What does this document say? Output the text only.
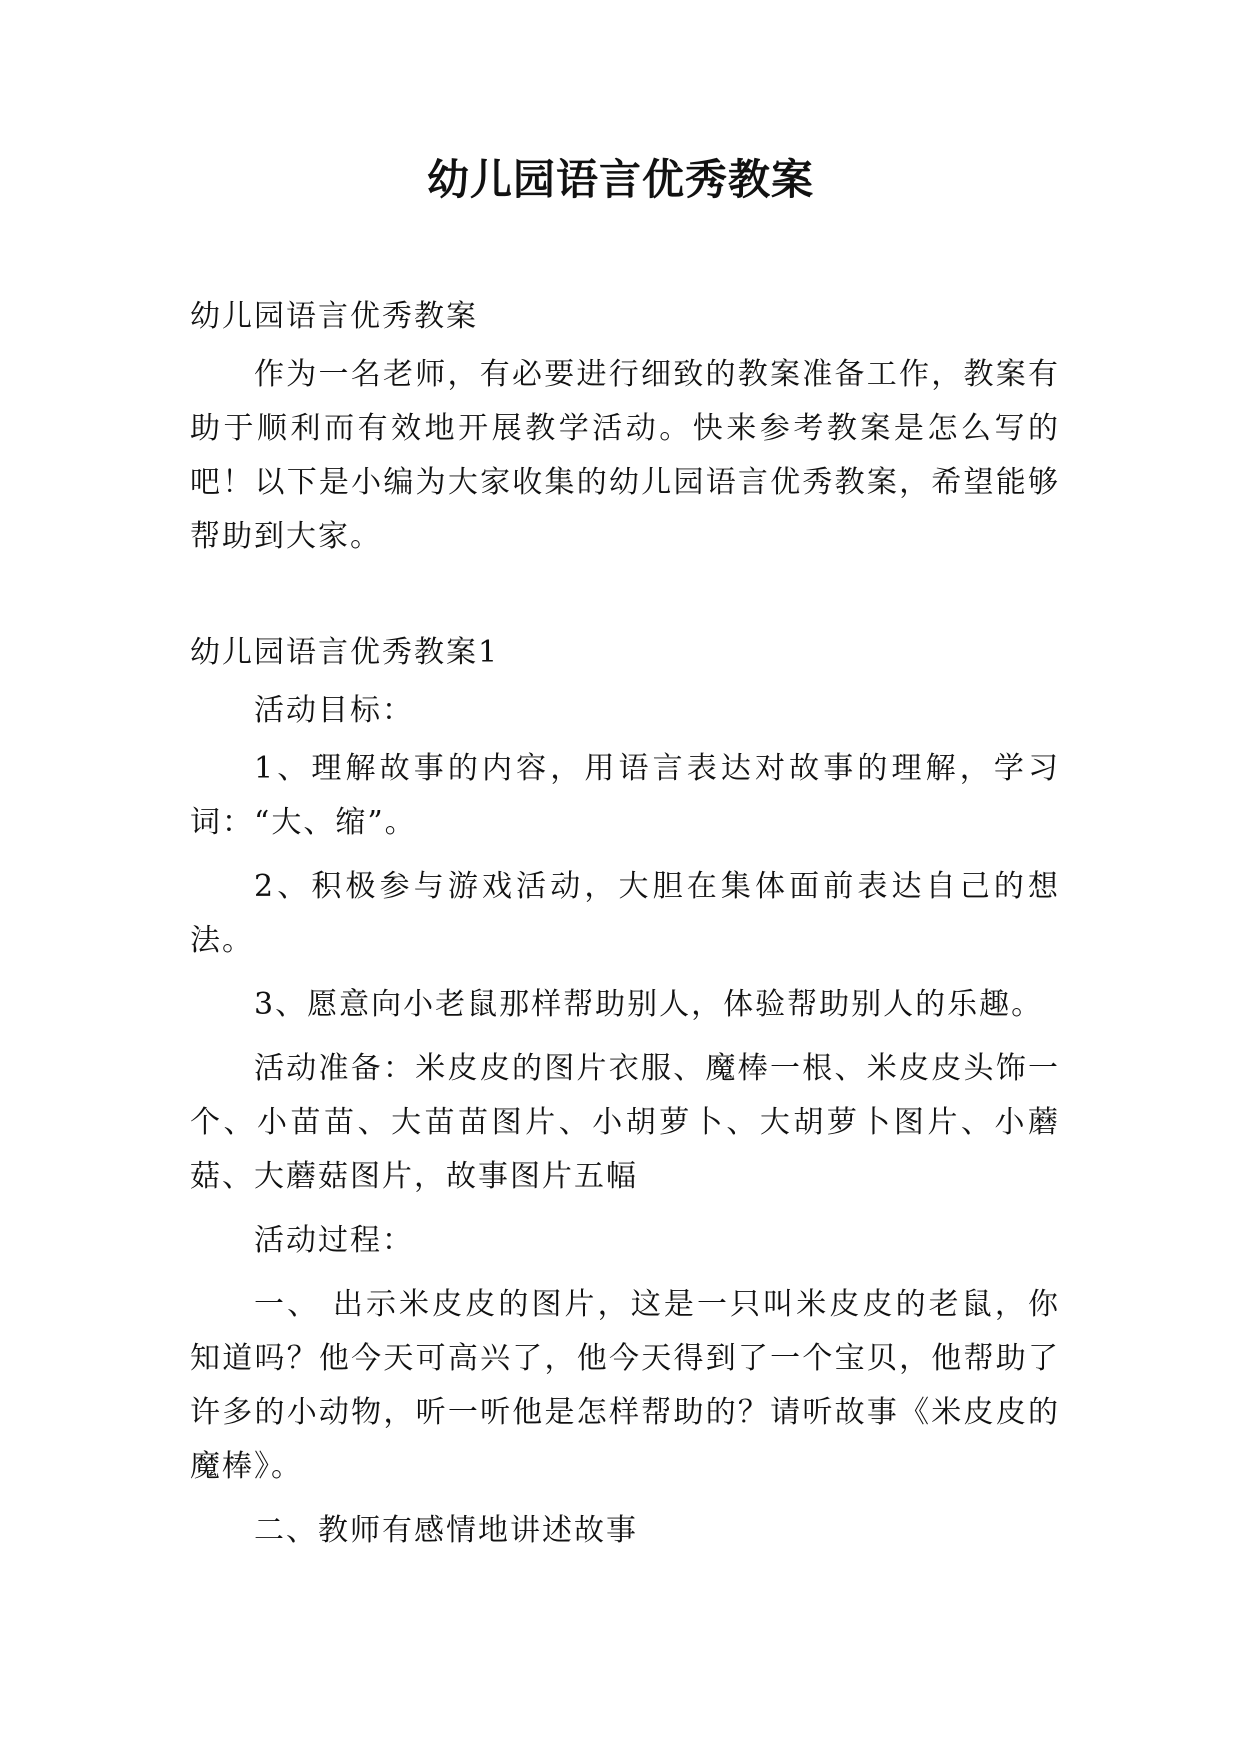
幼儿园语言优秀教案

幼儿园语言优秀教案

作为一名老师，有必要进行细致的教案准备工作，教案有助于顺利而有效地开展教学活动。快来参考教案是怎么写的吧！以下是小编为大家收集的幼儿园语言优秀教案，希望能够帮助到大家。

幼儿园语言优秀教案1

活动目标：

1、理解故事的内容，用语言表达对故事的理解，学习词：“大、缩”。

2、积极参与游戏活动，大胆在集体面前表达自己的想法。

3、愿意向小老鼠那样帮助别人，体验帮助别人的乐趣。

活动准备：米皮皮的图片衣服、魔棒一根、米皮皮头饰一个、小苗苗、大苗苗图片、小胡萝卜、大胡萝卜图片、小蘑菇、大蘑菇图片，故事图片五幅

活动过程：

一、 出示米皮皮的图片，这是一只叫米皮皮的老鼠，你知道吗？他今天可高兴了，他今天得到了一个宝贝，他帮助了许多的小动物，听一听他是怎样帮助的？请听故事《米皮皮的魔棒》。

二、教师有感情地讲述故事
